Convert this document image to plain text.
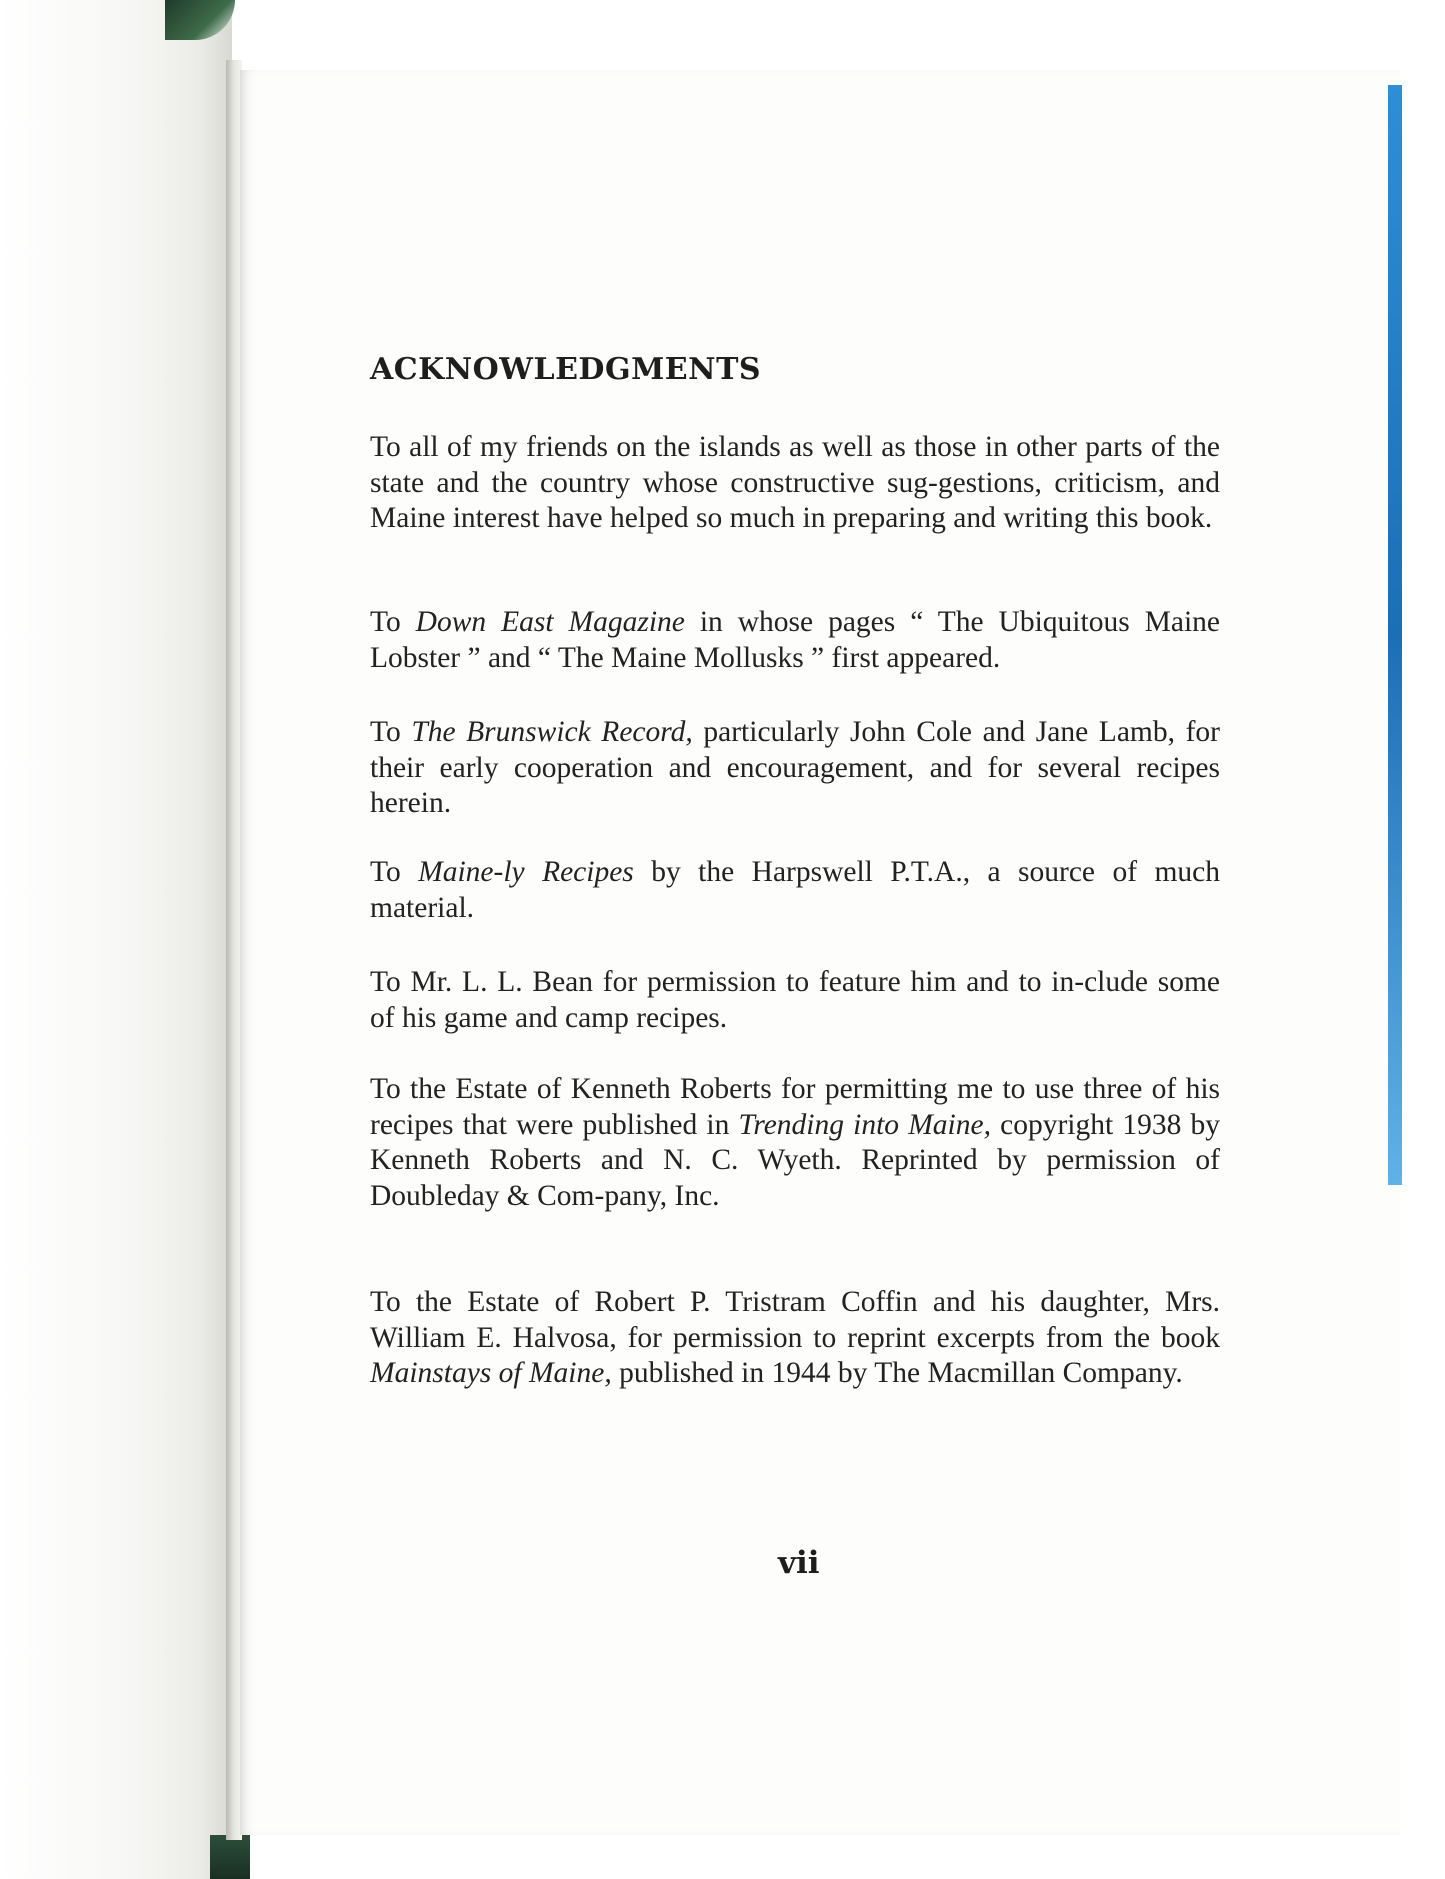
ACKNOWLEDGMENTS

To all of my friends on the islands as well as those in other parts of the state and the country whose constructive sug-gestions, criticism, and Maine interest have helped so much in preparing and writing this book.

To Down East Magazine in whose pages “ The Ubiquitous Maine Lobster ” and “ The Maine Mollusks ” first appeared.

To The Brunswick Record, particularly John Cole and Jane Lamb, for their early cooperation and encouragement, and for several recipes herein.

To Maine-ly Recipes by the Harpswell P.T.A., a source of much material.

To Mr. L. L. Bean for permission to feature him and to in-clude some of his game and camp recipes.

To the Estate of Kenneth Roberts for permitting me to use three of his recipes that were published in Trending into Maine, copyright 1938 by Kenneth Roberts and N. C. Wyeth. Reprinted by permission of Doubleday & Com-pany, Inc.

To the Estate of Robert P. Tristram Coffin and his daughter, Mrs. William E. Halvosa, for permission to reprint excerpts from the book Mainstays of Maine, published in 1944 by The Macmillan Company.

vii
